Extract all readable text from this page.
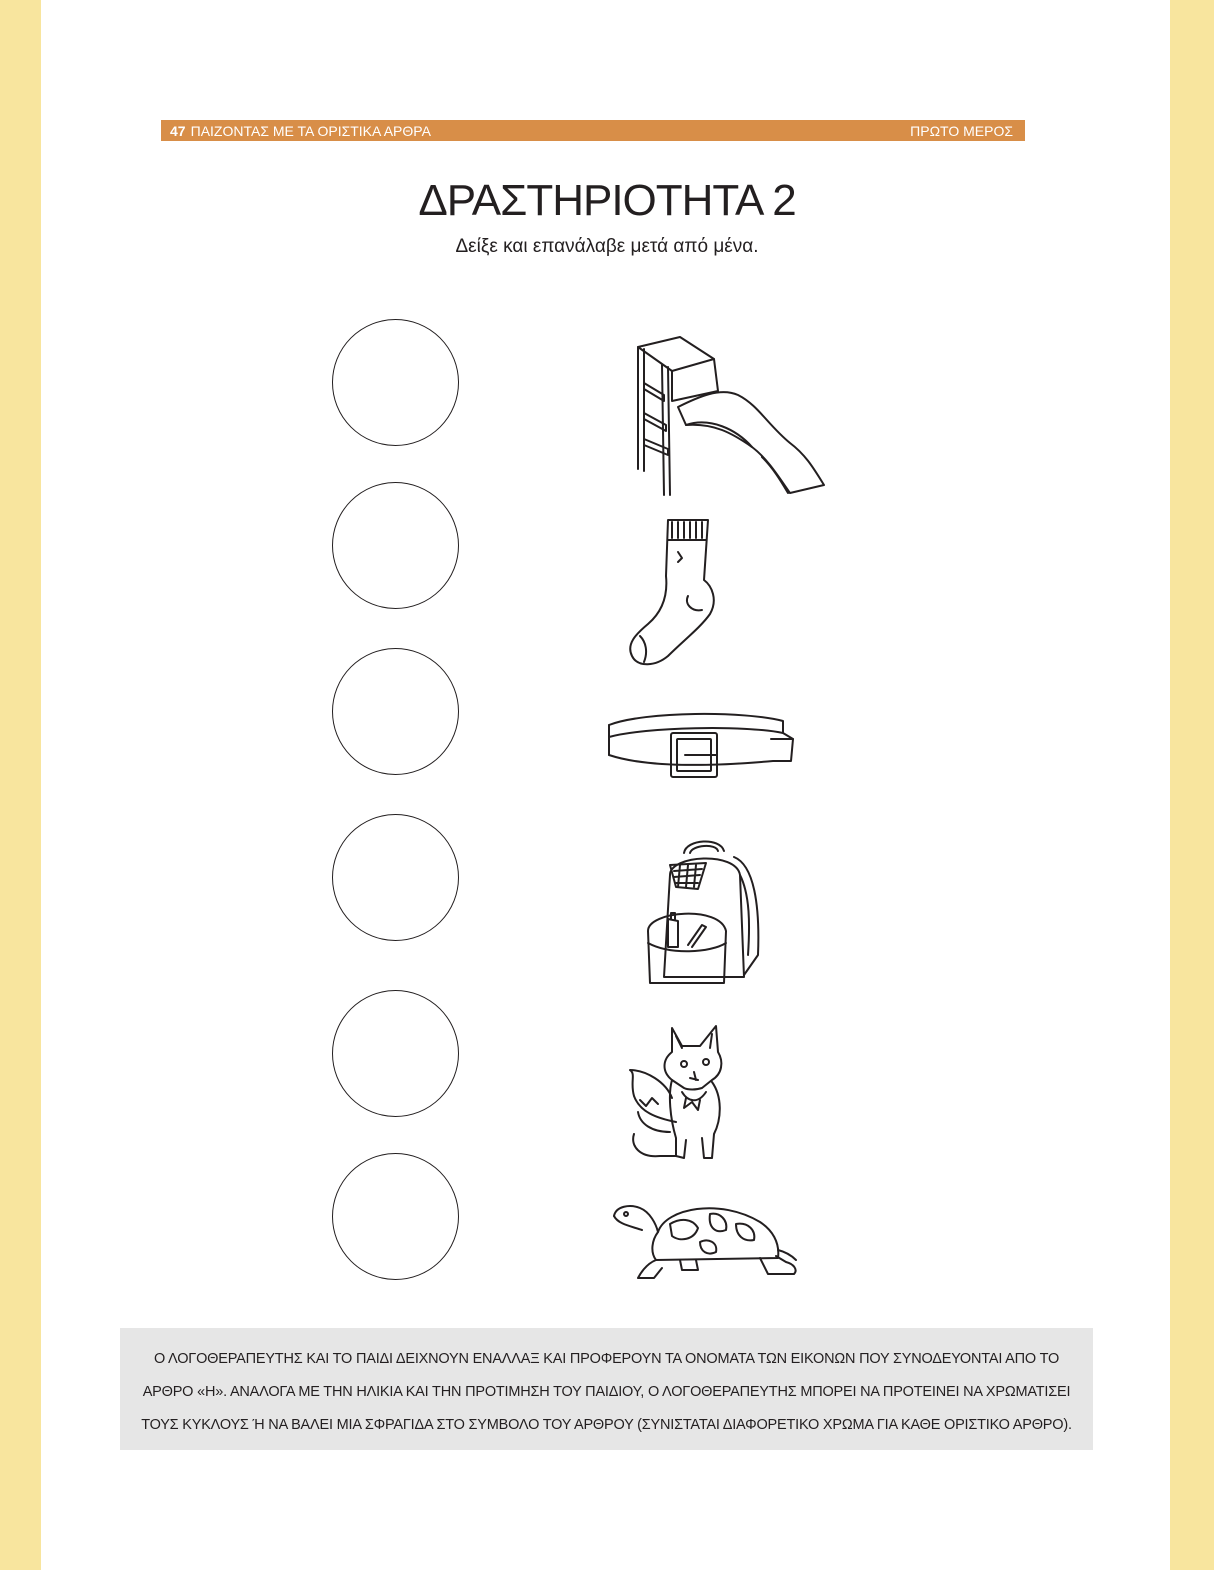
47 ΠΑΙΖΟΝΤΑΣ ΜΕ ΤΑ ΟΡΙΣΤΙΚΑ ΑΡΘΡΑ	ΠΡΩΤΟ ΜΕΡΟΣ
ΔΡΑΣΤΗΡΙΟΤΗΤΑ 2
Δείξε και επανάλαβε μετά από μένα.
Ο ΛΟΓΟΘΕΡΑΠΕΥΤΗΣ ΚΑΙ ΤΟ ΠΑΙΔΙ ΔΕΙΧΝΟΥΝ ΕΝΑΛΛΑΞ ΚΑΙ ΠΡΟΦΕΡΟΥΝ ΤΑ ΟΝΟΜΑΤΑ ΤΩΝ ΕΙΚΟΝΩΝ ΠΟΥ ΣΥΝΟΔΕΥΟΝΤΑΙ ΑΠΟ ΤΟ ΑΡΘΡΟ «Η». ΑΝΑΛΟΓΑ ΜΕ ΤΗΝ ΗΛΙΚΙΑ ΚΑΙ ΤΗΝ ΠΡΟΤΙΜΗΣΗ ΤΟΥ ΠΑΙΔΙΟΥ, Ο ΛΟΓΟΘΕΡΑΠΕΥΤΗΣ ΜΠΟΡΕΙ ΝΑ ΠΡΟΤΕΙΝΕΙ ΝΑ ΧΡΩΜΑΤΙΣΕΙ ΤΟΥΣ ΚΥΚΛΟΥΣ Ή ΝΑ ΒΑΛΕΙ ΜΙΑ ΣΦΡΑΓΙΔΑ ΣΤΟ ΣΥΜΒΟΛΟ ΤΟΥ ΑΡΘΡΟΥ (ΣΥΝΙΣΤΑΤΑΙ ΔΙΑΦΟΡΕΤΙΚΟ ΧΡΩΜΑ ΓΙΑ ΚΑΘΕ ΟΡΙΣΤΙΚΟ ΑΡΘΡΟ).
